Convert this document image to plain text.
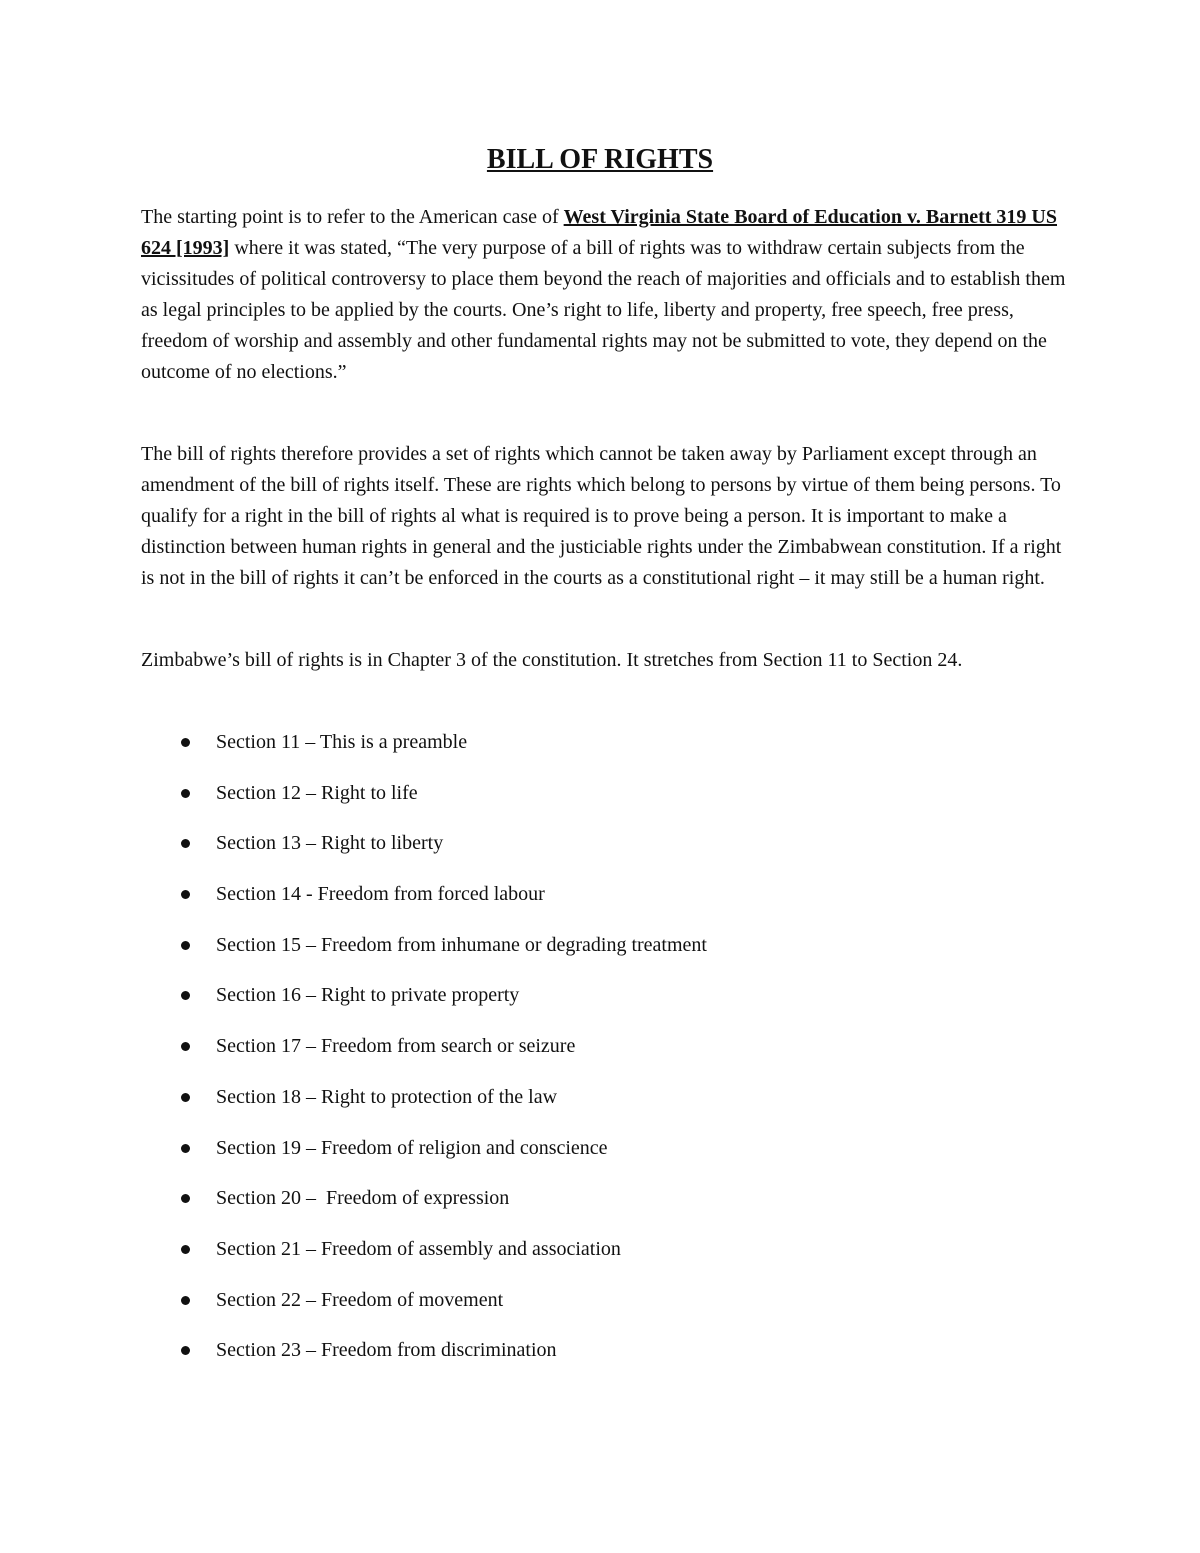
BILL OF RIGHTS

The starting point is to refer to the American case of West Virginia State Board of Education v. Barnett 319 US 624 [1993] where it was stated, “The very purpose of a bill of rights was to withdraw certain subjects from the vicissitudes of political controversy to place them beyond the reach of majorities and officials and to establish them as legal principles to be applied by the courts. One’s right to life, liberty and property, free speech, free press, freedom of worship and assembly and other fundamental rights may not be submitted to vote, they depend on the outcome of no elections.”

The bill of rights therefore provides a set of rights which cannot be taken away by Parliament except through an amendment of the bill of rights itself. These are rights which belong to persons by virtue of them being persons. To qualify for a right in the bill of rights al what is required is to prove being a person. It is important to make a distinction between human rights in general and the justiciable rights under the Zimbabwean constitution. If a right is not in the bill of rights it can’t be enforced in the courts as a constitutional right – it may still be a human right.

Zimbabwe’s bill of rights is in Chapter 3 of the constitution. It stretches from Section 11 to Section 24.

Section 11 – This is a preamble
Section 12 – Right to life
Section 13 – Right to liberty
Section 14 - Freedom from forced labour
Section 15 – Freedom from inhumane or degrading treatment
Section 16 – Right to private property
Section 17 – Freedom from search or seizure
Section 18 – Right to protection of the law
Section 19 – Freedom of religion and conscience
Section 20 –  Freedom of expression
Section 21 – Freedom of assembly and association
Section 22 – Freedom of movement
Section 23 – Freedom from discrimination
